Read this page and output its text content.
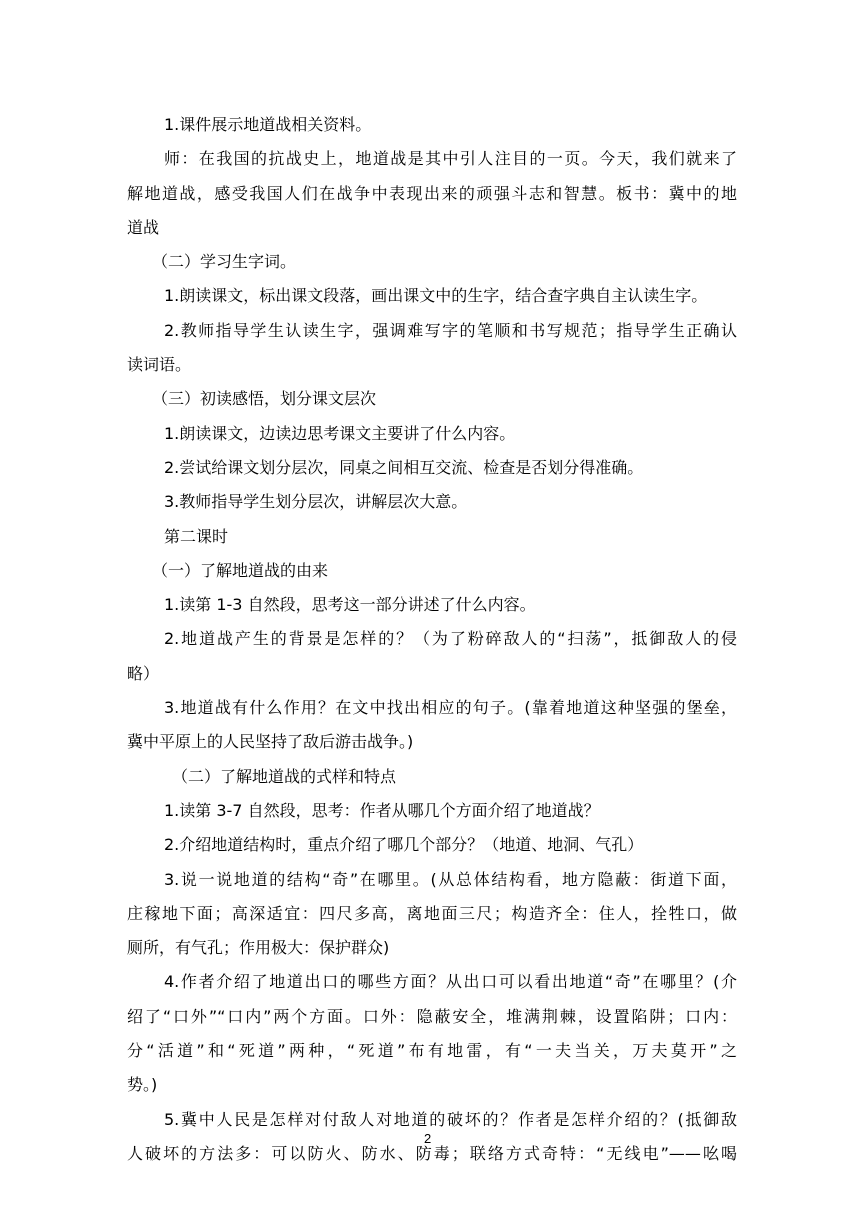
1.课件展示地道战相关资料。
师：在我国的抗战史上，地道战是其中引人注目的一页。今天，我们就来了
解地道战，感受我国人们在战争中表现出来的顽强斗志和智慧。板书：冀中的地
道战
（二）学习生字词。
1.朗读课文，标出课文段落，画出课文中的生字，结合查字典自主认读生字。
2.教师指导学生认读生字，强调难写字的笔顺和书写规范；指导学生正确认
读词语。
（三）初读感悟，划分课文层次
1.朗读课文，边读边思考课文主要讲了什么内容。
2.尝试给课文划分层次，同桌之间相互交流、检查是否划分得准确。
3.教师指导学生划分层次，讲解层次大意。
第二课时
（一）了解地道战的由来
1.读第 1-3 自然段，思考这一部分讲述了什么内容。
2.地道战产生的背景是怎样的？（为了粉碎敌人的“扫荡”，抵御敌人的侵
略）
3.地道战有什么作用？在文中找出相应的句子。(靠着地道这种坚强的堡垒，
冀中平原上的人民坚持了敌后游击战争。)
（二）了解地道战的式样和特点
1.读第 3-7 自然段，思考：作者从哪几个方面介绍了地道战？
2.介绍地道结构时，重点介绍了哪几个部分？（地道、地洞、气孔）
3.说一说地道的结构“奇”在哪里。(从总体结构看，地方隐蔽：街道下面，
庄稼地下面；高深适宜：四尺多高，离地面三尺；构造齐全：住人，拴牲口，做
厕所，有气孔；作用极大：保护群众)
4.作者介绍了地道出口的哪些方面？从出口可以看出地道“奇”在哪里？(介
绍了“口外”“口内”两个方面。口外：隐蔽安全，堆满荆棘，设置陷阱；口内：
分“活道”和“死道”两种，“死道”布有地雷，有“一夫当关，万夫莫开”之
势。)
5.冀中人民是怎样对付敌人对地道的破坏的？作者是怎样介绍的？(抵御敌
人破坏的方法多：可以防火、防水、防毒；联络方式奇特：“无线电”——吆喝
2
